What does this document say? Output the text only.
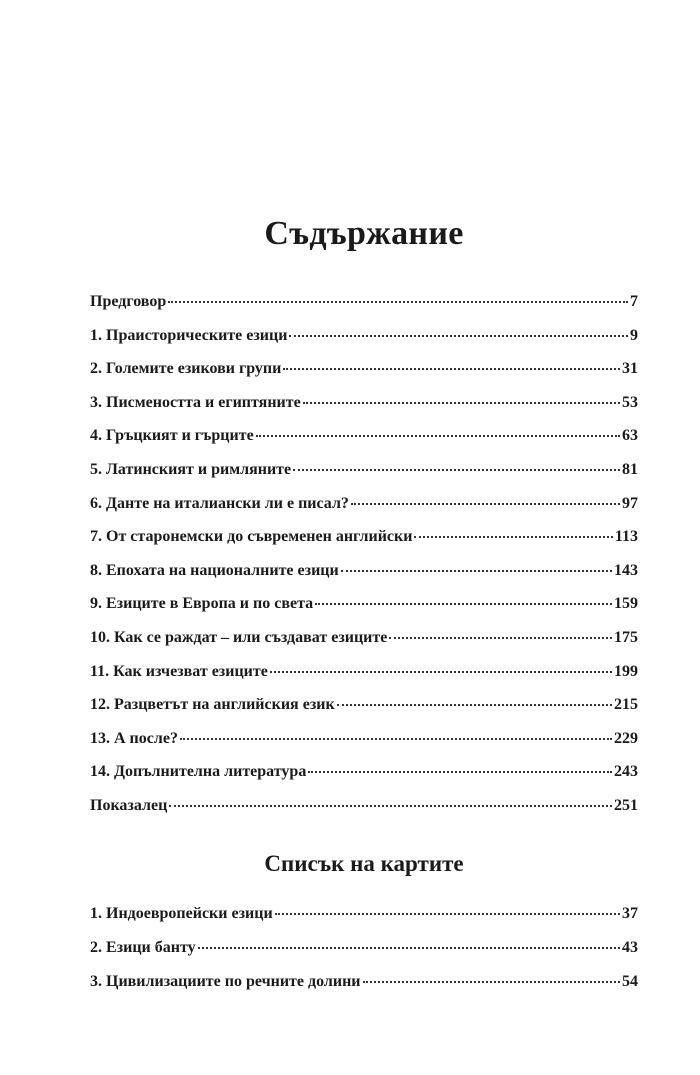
Съдържание
Предговор	7
1. Праисторическите езици	9
2. Големите езикови групи	31
3. Писмеността и египтяните	53
4. Гръцкият и гърците	63
5. Латинският и римляните	81
6. Данте на италиански ли е писал?	97
7. От старонемски до съвременен английски	113
8. Епохата на националните езици	143
9. Езиците в Европа и по света	159
10. Как се раждат – или създават езиците	175
11. Как изчезват езиците	199
12. Разцветът на английския език	215
13. А после?	229
14. Допълнителна литература	243
Показалец	251
Списък на картите
1. Индоевропейски езици	37
2. Езици банту	43
3. Цивилизациите по речните долини	54
